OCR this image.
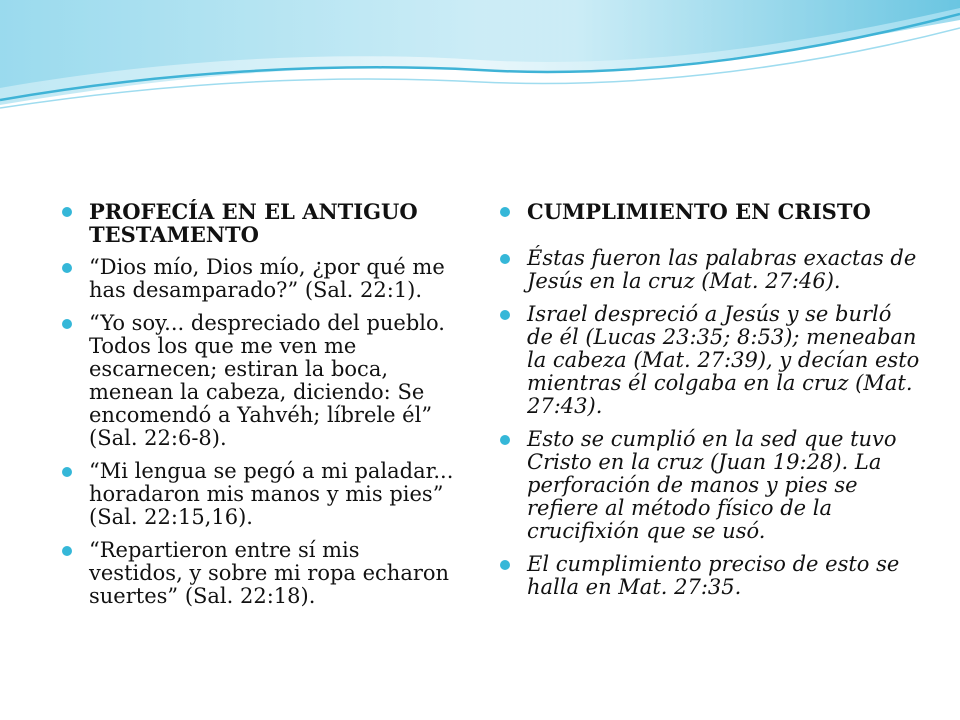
PROFECÍA EN EL ANTIGUO TESTAMENTO
“Dios mío, Dios mío, ¿por qué me has desamparado?” (Sal. 22:1).
“Yo soy... despreciado del pueblo. Todos los que me ven me escarnecen; estiran la boca, menean la cabeza, diciendo: Se encomendó a Yahvéh; líbrele él” (Sal. 22:6-8).
“Mi lengua se pegó a mi paladar... horadaron mis manos y mis pies” (Sal. 22:15,16).
“Repartieron entre sí mis vestidos, y sobre mi ropa echaron suertes” (Sal. 22:18).
CUMPLIMIENTO EN CRISTO
Éstas fueron las palabras exactas de Jesús en la cruz (Mat. 27:46).
Israel despreció a Jesús y se burló de él (Lucas 23:35; 8:53); meneaban la cabeza (Mat. 27:39), y decían esto mientras él colgaba en la cruz (Mat. 27:43).
Esto se cumplió en la sed que tuvo Cristo en la cruz (Juan 19:28). La perforación de manos y pies se refiere al método físico de la crucifixión que se usó.
El cumplimiento preciso de esto se halla en Mat. 27:35.
